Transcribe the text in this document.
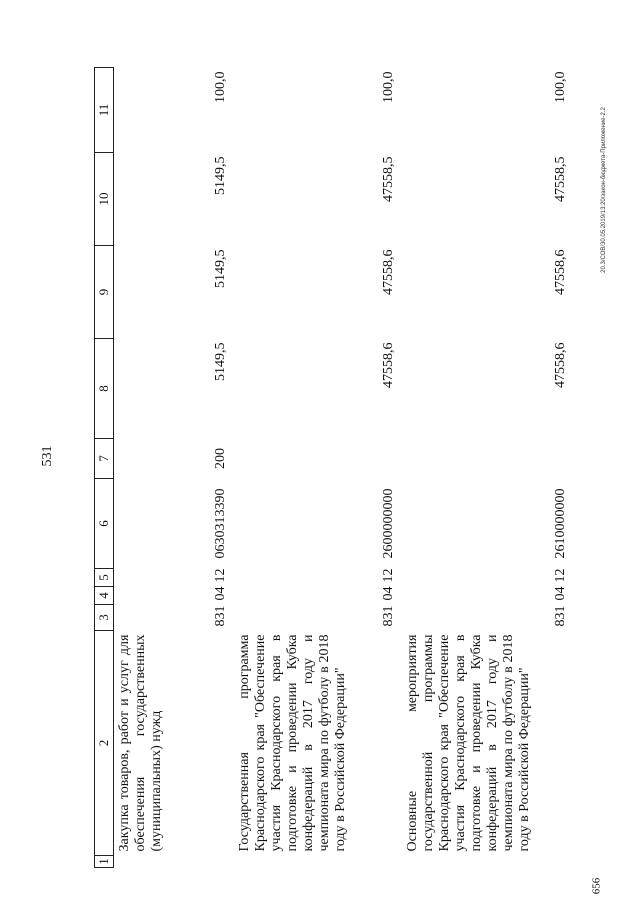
531
20.3/СОВ/30.05.2019/13:20/закон-бюджета-Приложение-2.2
656
1	2	3	4	5	6	7	8	9	10	11
	Закупка товаров, работ и услуг для обеспечения государственных (муниципальных) нужд	831	04	12	0630313390	200	5149,5	5149,5	5149,5	100,0
	Государственная программа Краснодарского края "Обеспечение участия Краснодарского края в подготовке и проведении Кубка конфедераций в 2017 году и чемпионата мира по футболу в 2018 году в Российской Федерации"	831	04	12	2600000000		47558,6	47558,6	47558,5	100,0
	Основные мероприятия государственной программы Краснодарского края "Обеспечение участия Краснодарского края в подготовке и проведении Кубка конфедераций в 2017 году и чемпионата мира по футболу в 2018 году в Российской Федерации"	831	04	12	2610000000		47558,6	47558,6	47558,5	100,0
